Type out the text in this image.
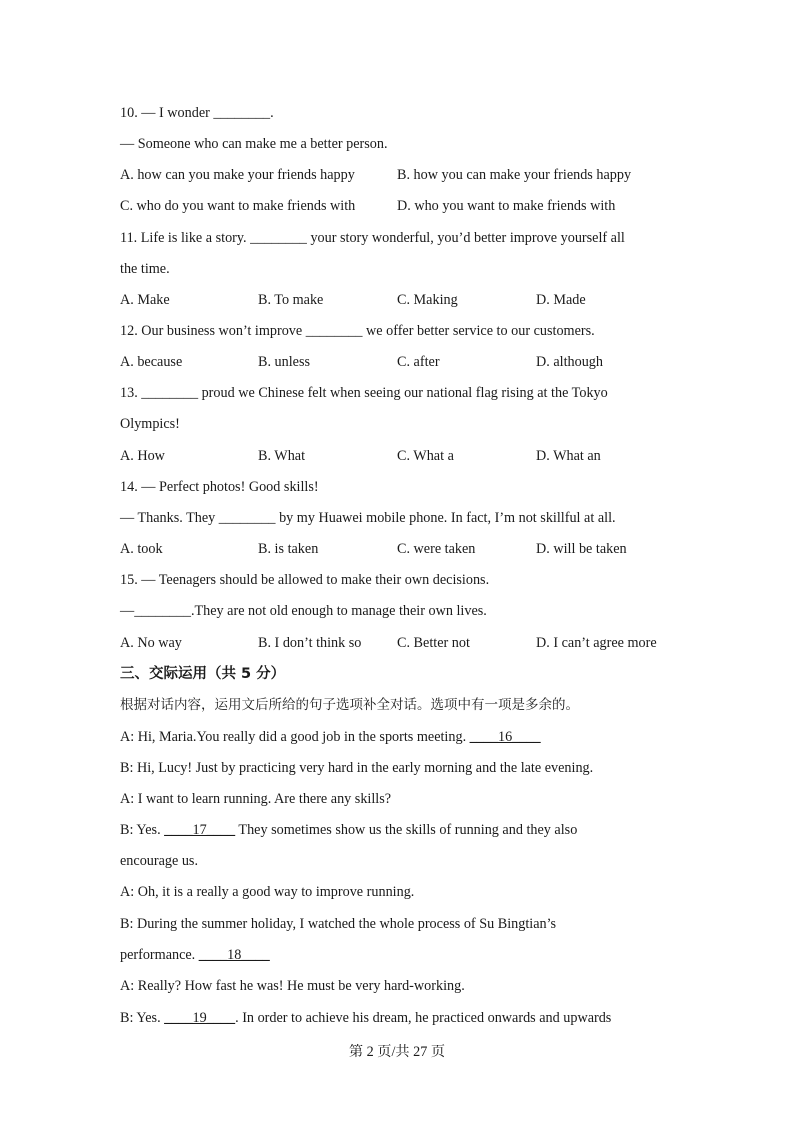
10. — I wonder ________.
— Someone who can make me a better person.
A. how can you make your friends happy	B. how you can make your friends happy
C. who do you want to make friends with	D. who you want to make friends with
11. Life is like a story. ________ your story wonderful, you’d better improve yourself all
the time.
A. Make	B. To make	C. Making	D. Made
12. Our business won’t improve ________ we offer better service to our customers.
A. because	B. unless	C. after	D. although
13. ________ proud we Chinese felt when seeing our national flag rising at the Tokyo
Olympics!
A. How	B. What	C. What a	D. What an
14. — Perfect photos! Good skills!
— Thanks. They ________ by my Huawei mobile phone. In fact, I’m not skillful at all.
A. took	B. is taken	C. were taken	D. will be taken
15. — Teenagers should be allowed to make their own decisions.
—________.They are not old enough to manage their own lives.
A. No way	B. I don’t think so	C. Better not	D. I can’t agree more
三、交际运用（共 5 分）
根据对话内容，运用文后所给的句子选项补全对话。选项中有一项是多余的。
A: Hi, Maria.You really did a good job in the sports meeting. ____16____
B: Hi, Lucy! Just by practicing very hard in the early morning and the late evening.
A: I want to learn running. Are there any skills?
B: Yes. ____17____ They sometimes show us the skills of running and they also
encourage us.
A: Oh, it is a really a good way to improve running.
B: During the summer holiday, I watched the whole process of Su Bingtian’s
performance. ____18____
A: Really? How fast he was! He must be very hard-working.
B: Yes. ____19____. In order to achieve his dream, he practiced onwards and upwards
第 2 页/共 27 页
